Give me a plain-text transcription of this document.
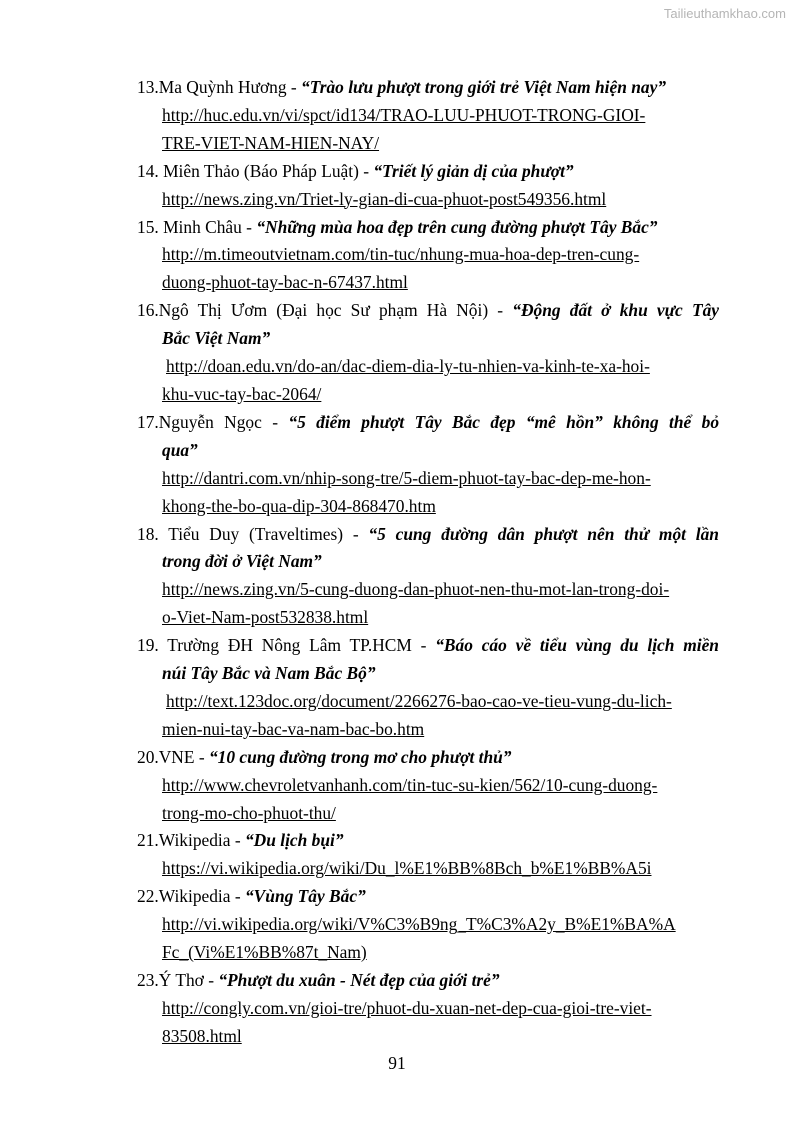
Tailieuthamkhao.com
13.Ma Quỳnh Hương - “Trào lưu phượt trong giới trẻ Việt Nam hiện nay”
http://huc.edu.vn/vi/spct/id134/TRAO-LUU-PHUOT-TRONG-GIOI-
TRE-VIET-NAM-HIEN-NAY/
14. Miên Thảo (Báo Pháp Luật) - “Triết lý giản dị của phượt”
http://news.zing.vn/Triet-ly-gian-di-cua-phuot-post549356.html
15. Minh Châu - “Những mùa hoa đẹp trên cung đường phượt Tây Bắc”
http://m.timeoutvietnam.com/tin-tuc/nhung-mua-hoa-dep-tren-cung-
duong-phuot-tay-bac-n-67437.html
16.Ngô Thị Ươm (Đại học Sư phạm Hà Nội) - “Động đất ở khu vực Tây
Bắc Việt Nam”
http://doan.edu.vn/do-an/dac-diem-dia-ly-tu-nhien-va-kinh-te-xa-hoi-
khu-vuc-tay-bac-2064/
17.Nguyễn Ngọc - “5 điểm phượt Tây Bắc đẹp “mê hồn” không thể bỏ
qua”
http://dantri.com.vn/nhip-song-tre/5-diem-phuot-tay-bac-dep-me-hon-
khong-the-bo-qua-dip-304-868470.htm
18. Tiểu Duy (Traveltimes) - “5 cung đường dân phượt nên thử một lần
trong đời ở Việt Nam”
http://news.zing.vn/5-cung-duong-dan-phuot-nen-thu-mot-lan-trong-doi-
o-Viet-Nam-post532838.html
19. Trường ĐH Nông Lâm TP.HCM - “Báo cáo về tiểu vùng du lịch miền
núi Tây Bắc và Nam Bắc Bộ”
http://text.123doc.org/document/2266276-bao-cao-ve-tieu-vung-du-lich-
mien-nui-tay-bac-va-nam-bac-bo.htm
20.VNE - “10 cung đường trong mơ cho phượt thủ”
http://www.chevroletvanhanh.com/tin-tuc-su-kien/562/10-cung-duong-
trong-mo-cho-phuot-thu/
21.Wikipedia - “Du lịch bụi”
https://vi.wikipedia.org/wiki/Du_l%E1%BB%8Bch_b%E1%BB%A5i
22.Wikipedia - “Vùng Tây Bắc”
http://vi.wikipedia.org/wiki/V%C3%B9ng_T%C3%A2y_B%E1%BA%A
Fc_(Vi%E1%BB%87t_Nam)
23.Ý Thơ - “Phượt du xuân - Nét đẹp của giới trẻ”
http://congly.com.vn/gioi-tre/phuot-du-xuan-net-dep-cua-gioi-tre-viet-
83508.html
91
